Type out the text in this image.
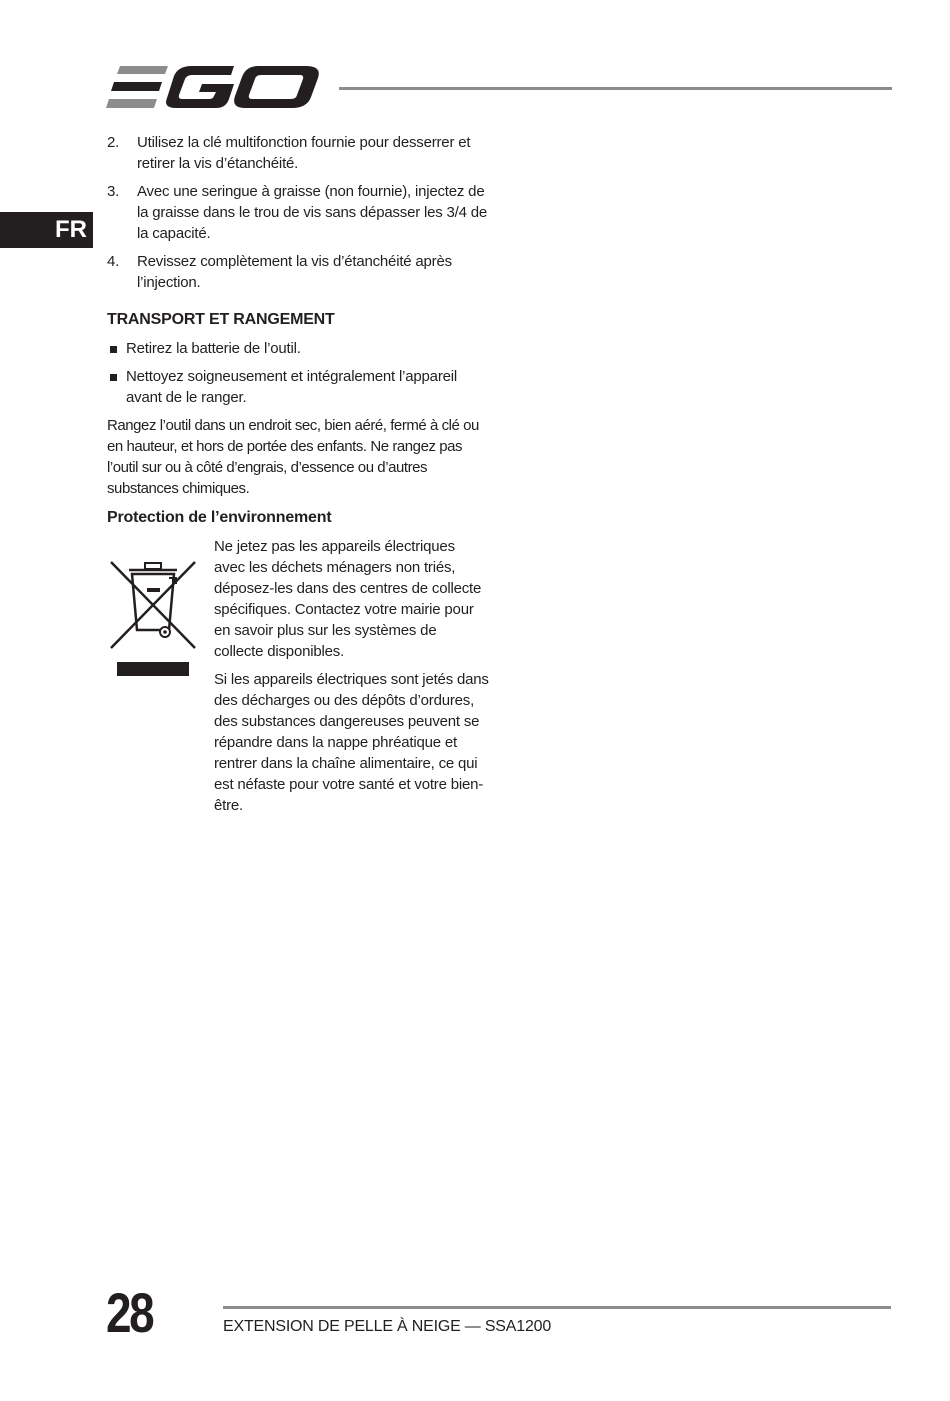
FR
2. Utilisez la clé multifonction fournie pour desserrer et retirer la vis d’étanchéité.
3. Avec une seringue à graisse (non fournie), injectez de la graisse dans le trou de vis sans dépasser les 3/4 de la capacité.
4. Revissez complètement la vis d’étanchéité après l’injection.
TRANSPORT ET RANGEMENT
Retirez la batterie de l’outil.
Nettoyez soigneusement et intégralement l’appareil avant de le ranger.

Rangez l’outil dans un endroit sec, bien aéré, fermé à clé ou en hauteur, et hors de portée des enfants. Ne rangez pas l’outil sur ou à côté d’engrais, d’essence ou d’autres substances chimiques.

Protection de l’environnement

Ne jetez pas les appareils électriques avec les déchets ménagers non triés, déposez-les dans des centres de collecte spécifiques. Contactez votre mairie pour en savoir plus sur les systèmes de collecte disponibles.

Si les appareils électriques sont jetés dans des décharges ou des dépôts d’ordures, des substances dangereuses peuvent se répandre dans la nappe phréatique et rentrer dans la chaîne alimentaire, ce qui est néfaste pour votre santé et votre bien-être.

28	EXTENSION DE PELLE À NEIGE — SSA1200
